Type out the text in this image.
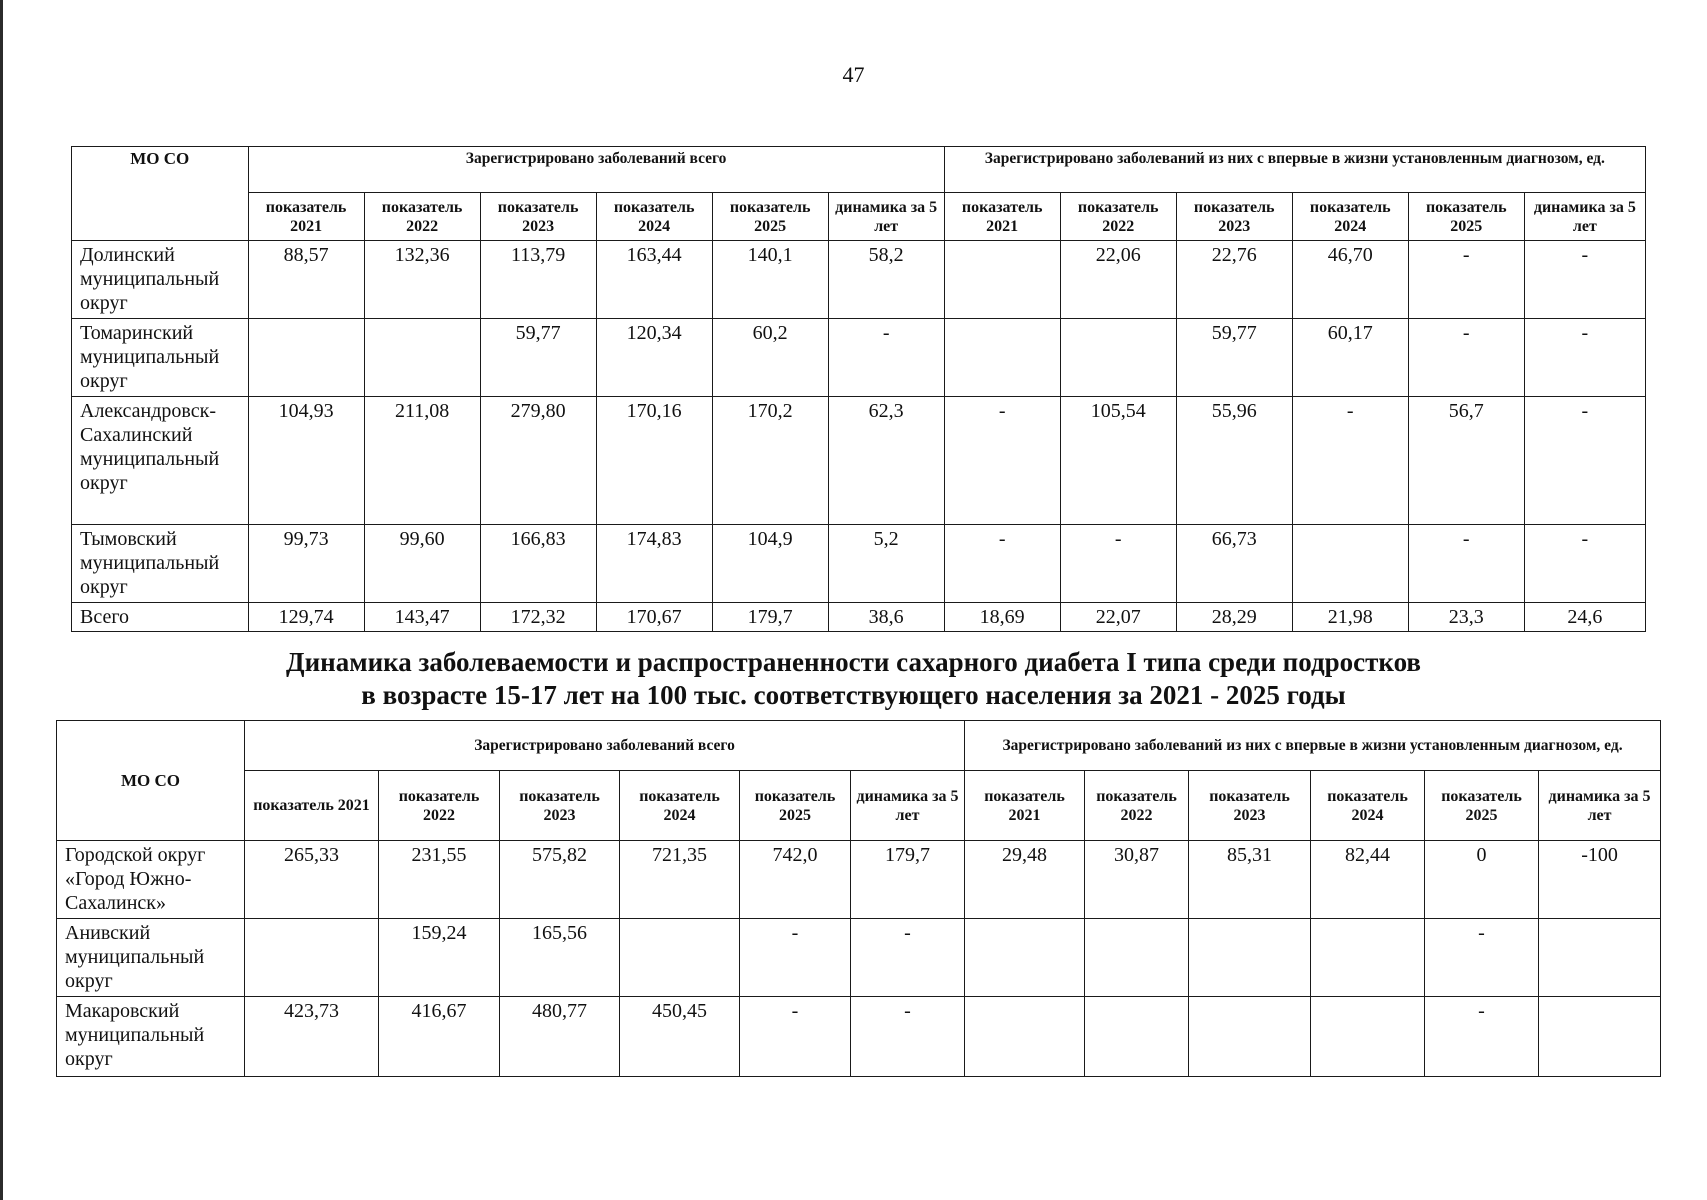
47
МО СО	Зарегистрировано заболеваний всего						Зарегистрировано заболеваний из них с впервые в жизни установленным диагнозом, ед.					
	показатель 2021	показатель 2022	показатель 2023	показатель 2024	показатель 2025	динамика за 5 лет	показатель 2021	показатель 2022	показатель 2023	показатель 2024	показатель 2025	динамика за 5 лет
Долинский муниципальный округ	88,57	132,36	113,79	163,44	140,1	58,2		22,06	22,76	46,70	-	-
Томаринский муниципальный округ			59,77	120,34	60,2	-			59,77	60,17	-	-
Александровск-Сахалинский муниципальный округ	104,93	211,08	279,80	170,16	170,2	62,3	-	105,54	55,96	-	56,7	-
Тымовский муниципальный округ	99,73	99,60	166,83	174,83	104,9	5,2	-	-	66,73		-	-
Всего	129,74	143,47	172,32	170,67	179,7	38,6	18,69	22,07	28,29	21,98	23,3	24,6
Динамика заболеваемости и распространенности сахарного диабета I типа среди подростков
в возрасте 15-17 лет на 100 тыс. соответствующего населения за 2021 - 2025 годы
МО СО	Зарегистрировано заболеваний всего						Зарегистрировано заболеваний из них с впервые в жизни установленным диагнозом, ед.					
	показатель 2021	показатель 2022	показатель 2023	показатель 2024	показатель 2025	динамика за 5 лет	показатель 2021	показатель 2022	показатель 2023	показатель 2024	показатель 2025	динамика за 5 лет
Городской округ «Город Южно-Сахалинск»	265,33	231,55	575,82	721,35	742,0	179,7	29,48	30,87	85,31	82,44	0	-100
Анивский муниципальный округ		159,24	165,56		-	-					-	
Макаровский муниципальный округ	423,73	416,67	480,77	450,45	-	-					-	
